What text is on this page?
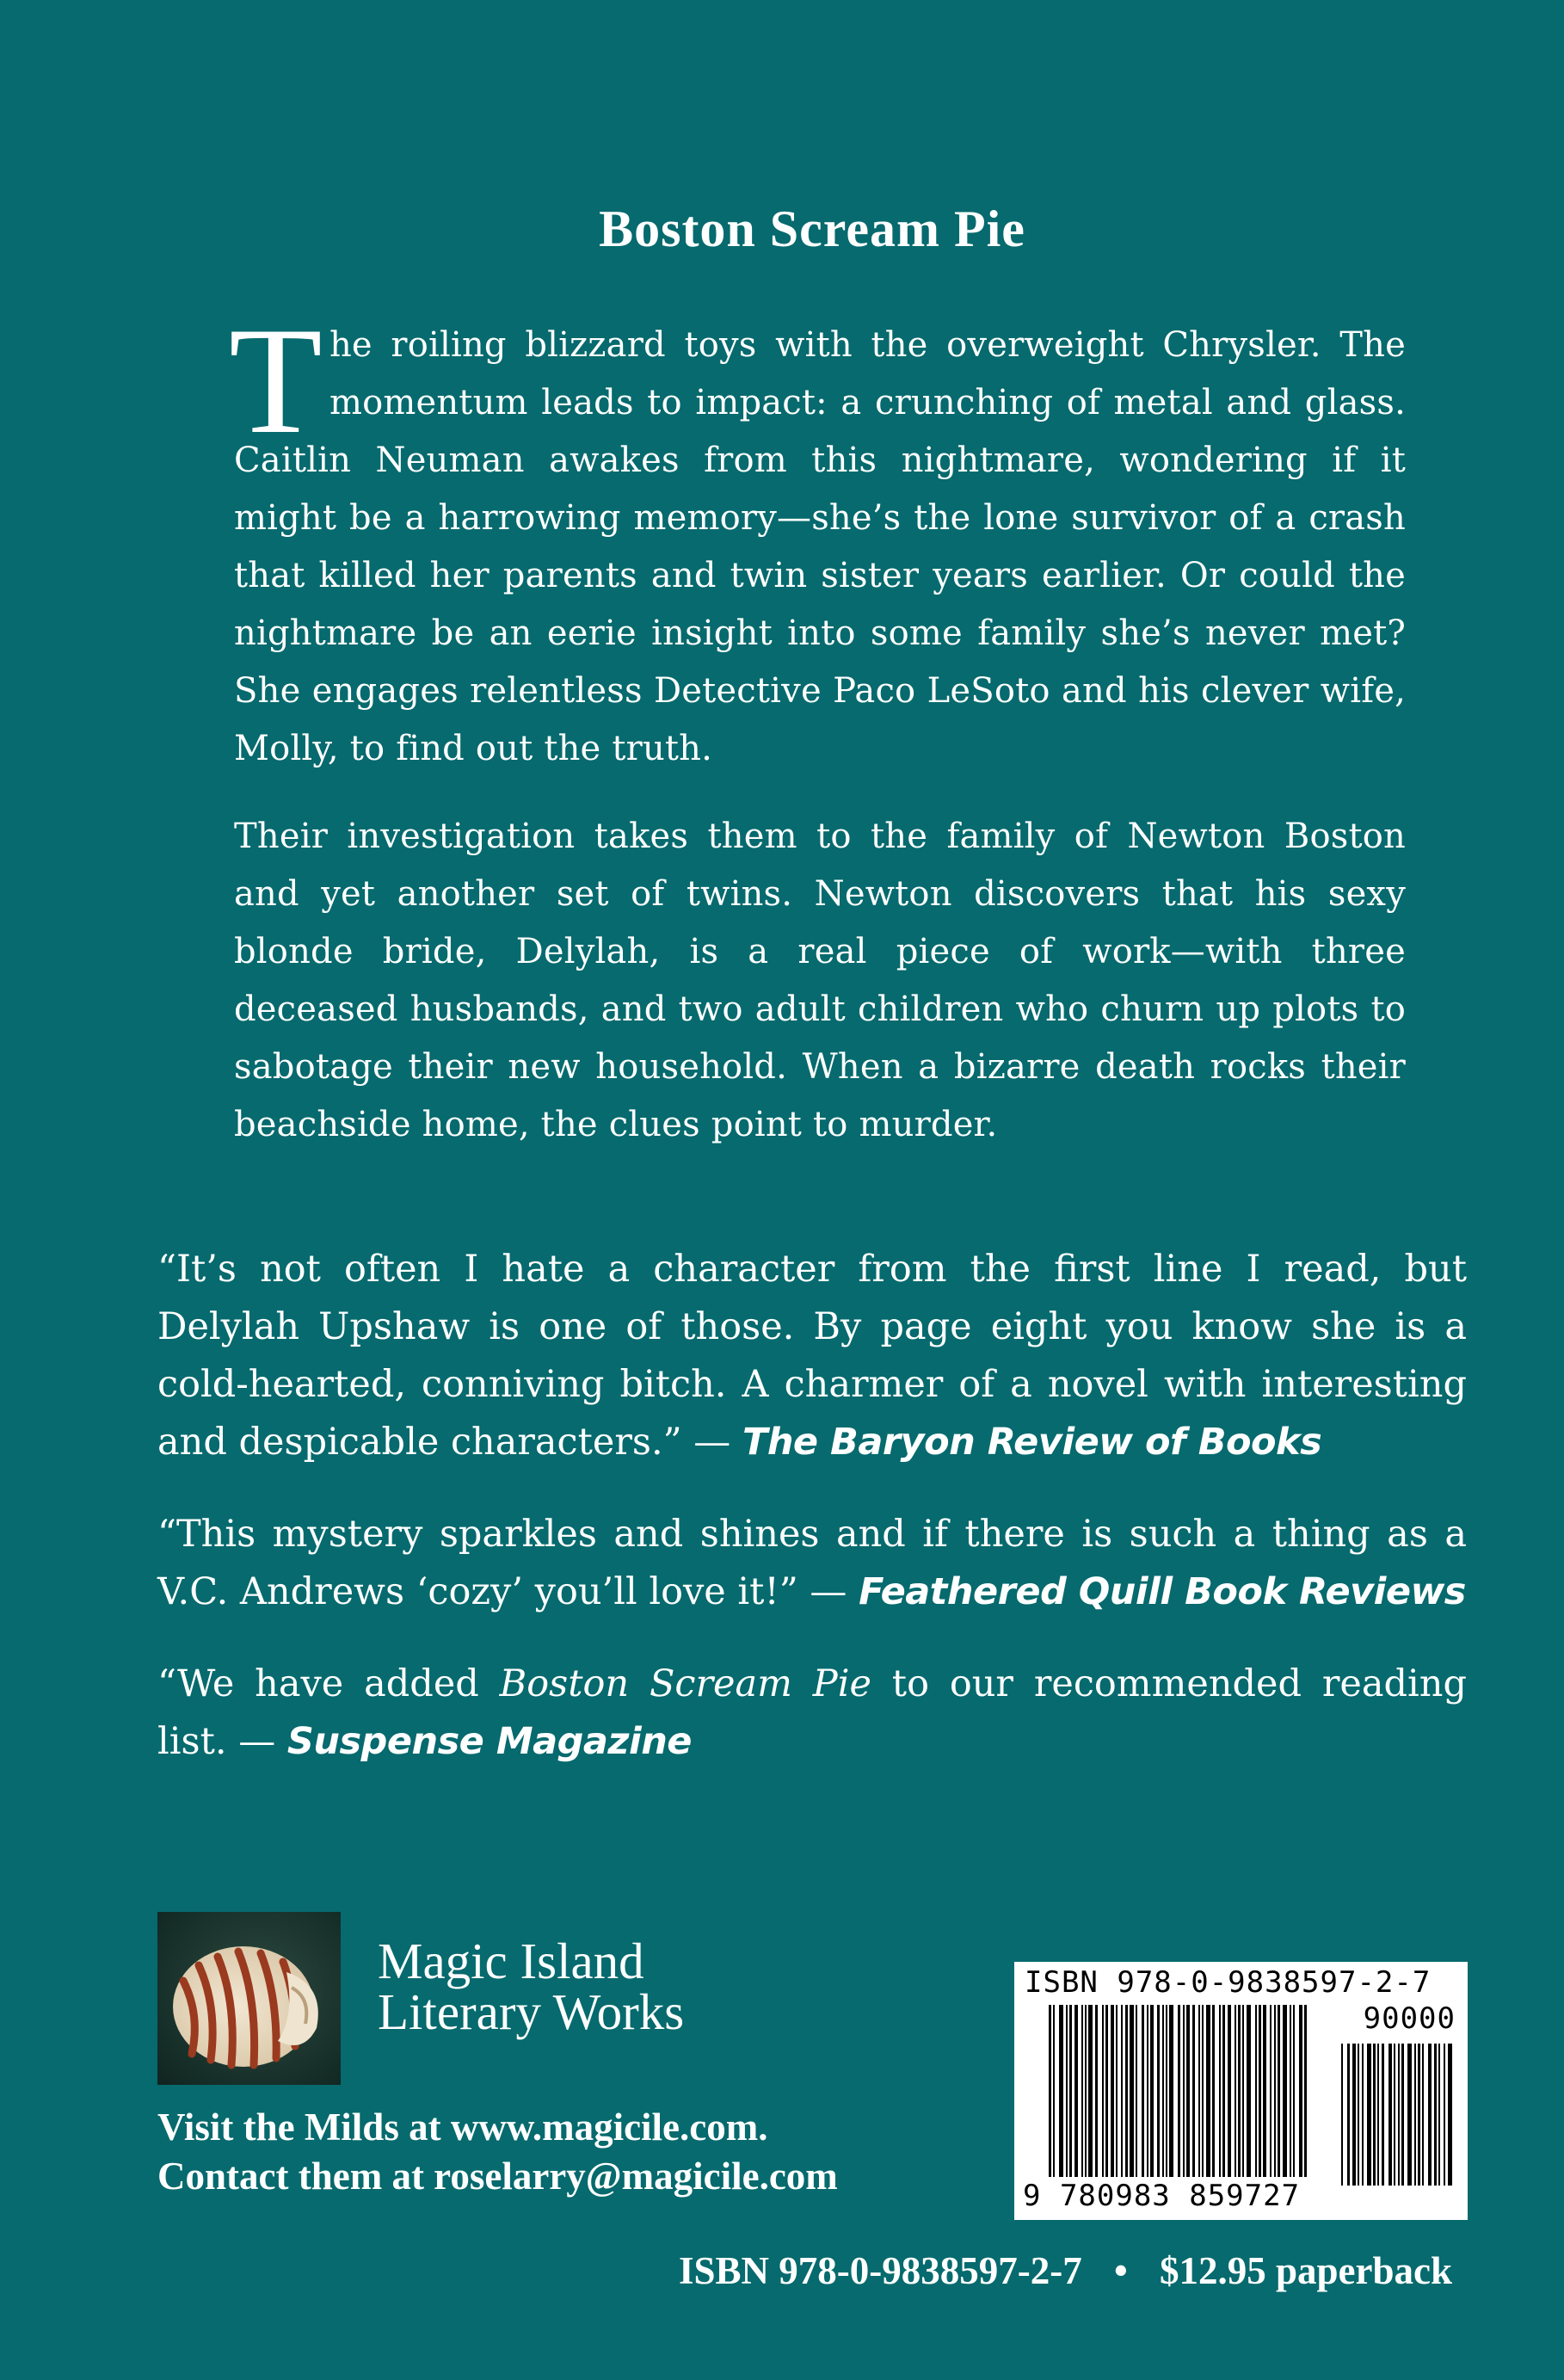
Boston Scream Pie

The roiling blizzard toys with the overweight Chrysler. The momentum leads to impact: a crunching of metal and glass. Caitlin Neuman awakes from this nightmare, wondering if it might be a harrowing memory—she’s the lone survivor of a crash that killed her parents and twin sister years earlier. Or could the nightmare be an eerie insight into some family she’s never met? She engages relentless Detective Paco LeSoto and his clever wife, Molly, to find out the truth.

Their investigation takes them to the family of Newton Boston and yet another set of twins. Newton discovers that his sexy blonde bride, Delylah, is a real piece of work—with three deceased husbands, and two adult children who churn up plots to sabotage their new household. When a bizarre death rocks their beachside home, the clues point to murder.

“It’s not often I hate a character from the first line I read, but Delylah Upshaw is one of those. By page eight you know she is a cold-hearted, conniving bitch. A charmer of a novel with interesting and despicable characters.” — The Baryon Review of Books

“This mystery sparkles and shines and if there is such a thing as a V.C. Andrews ‘cozy’ you’ll love it!” — Feathered Quill Book Reviews

“We have added Boston Scream Pie to our recommended reading list. — Suspense Magazine

Magic Island
Literary Works
Visit the Milds at www.magicile.com.
Contact them at roselarry@magicile.com
ISBN 978-0-9838597-2-7
90000
9 780983 859727
ISBN 978-0-9838597-2-7 • $12.95 paperback
